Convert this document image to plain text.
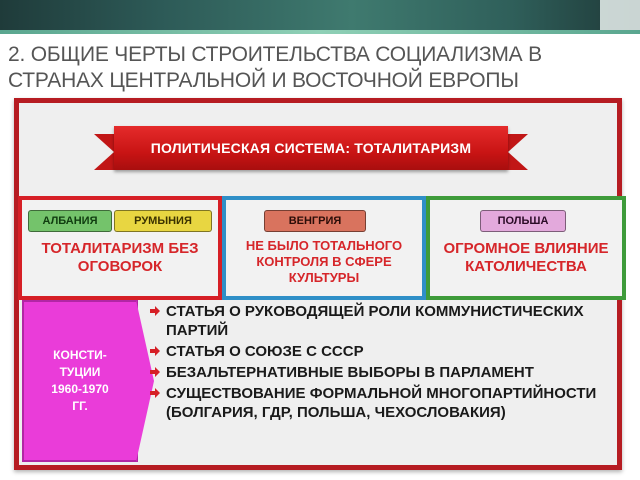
2. ОБЩИЕ ЧЕРТЫ СТРОИТЕЛЬСТВА СОЦИАЛИЗМА В СТРАНАХ ЦЕНТРАЛЬНОЙ И ВОСТОЧНОЙ ЕВРОПЫ
ПОЛИТИЧЕСКАЯ СИСТЕМА: ТОТАЛИТАРИЗМ
АЛБАНИЯ	РУМЫНИЯ
ТОТАЛИТАРИЗМ БЕЗ ОГОВОРОК
ВЕНГРИЯ
НЕ БЫЛО ТОТАЛЬНОГО КОНТРОЛЯ В СФЕРЕ КУЛЬТУРЫ
ПОЛЬША
ОГРОМНОЕ ВЛИЯНИЕ КАТОЛИЧЕСТВА
КОНСТИ-
ТУЦИИ
1960-1970
ГГ.
СТАТЬЯ О РУКОВОДЯЩЕЙ РОЛИ КОММУНИСТИЧЕСКИХ ПАРТИЙ
СТАТЬЯ О СОЮЗЕ С СССР
БЕЗАЛЬТЕРНАТИВНЫЕ ВЫБОРЫ В ПАРЛАМЕНТ
СУЩЕСТВОВАНИЕ ФОРМАЛЬНОЙ МНОГОПАРТИЙНОСТИ (БОЛГАРИЯ, ГДР, ПОЛЬША, ЧЕХОСЛОВАКИЯ)
